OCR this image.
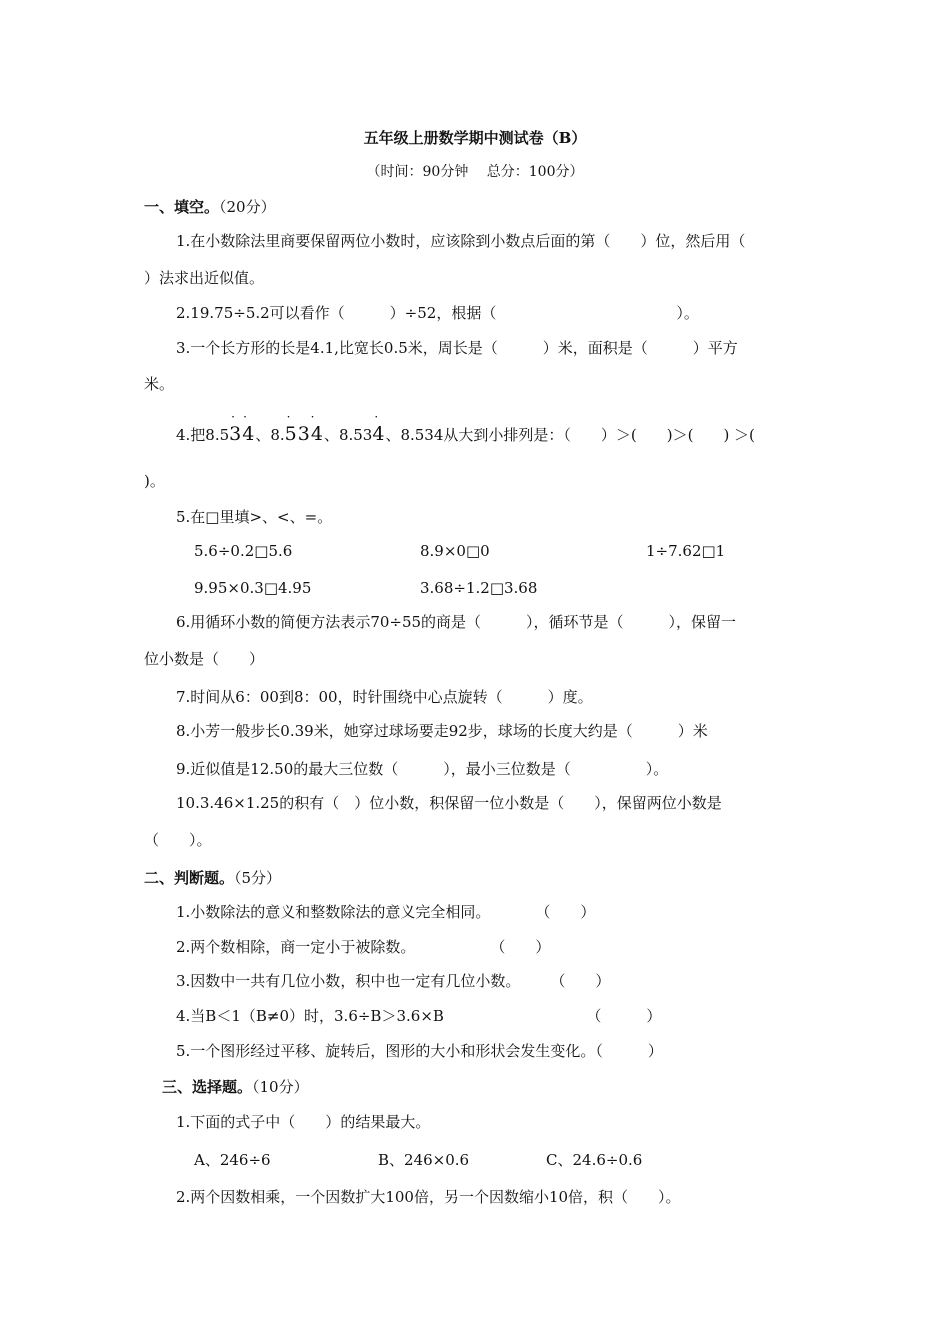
五年级上册数学期中测试卷（B）
（时间：90分钟　 总分：100分）
一、填空。（20分）
1.在小数除法里商要保留两位小数时，应该除到小数点后面的第（　　）位，然后用（
）法求出近似值。
2.19.75÷5.2可以看作（　　　）÷52，根据（　　　　　　　　　　　　）。
3.一个长方形的长是4.1,比宽长0.5米，周长是（　　　）米，面积是（　　　）平方
米。
4.把8.5
· ·
34、8.
· ·
534、8.53
·
4、8.534从大到小排列是：（　　）＞(　　)＞(　　) ＞(
)。
5.在□里填>、<、=。
5.6÷0.2□5.6	8.9×0□0	1÷7.62□1
9.95×0.3□4.95	3.68÷1.2□3.68
6.用循环小数的简便方法表示70÷55的商是（　　　），循环节是（　　　），保留一
位小数是（　　）
7.时间从6：00到8：00，时针围绕中心点旋转（　　　）度。
8.小芳一般步长0.39米，她穿过球场要走92步，球场的长度大约是（　　　）米
9.近似值是12.50的最大三位数（　　　），最小三位数是（　　　　　）。
10.3.46×1.25的积有（　）位小数，积保留一位小数是（　　），保留两位小数是
（　　）。
二、判断题。（5分）
1.小数除法的意义和整数除法的意义完全相同。　　　　（　　）
2.两个数相除，商一定小于被除数。　　　　　　（　　）
3.因数中一共有几位小数，积中也一定有几位小数。　　　（　　）
4.当B＜1（B≠0）时，3.6÷B＞3.6×B　　　　　　　　　　（　　　）
5.一个图形经过平移、旋转后，图形的大小和形状会发生变化。（　　　）
三、选择题。（10分）
1.下面的式子中（　　）的结果最大。
A、246÷6	B、246×0.6	C、24.6÷0.6
2.两个因数相乘，一个因数扩大100倍，另一个因数缩小10倍，积（　　）。
